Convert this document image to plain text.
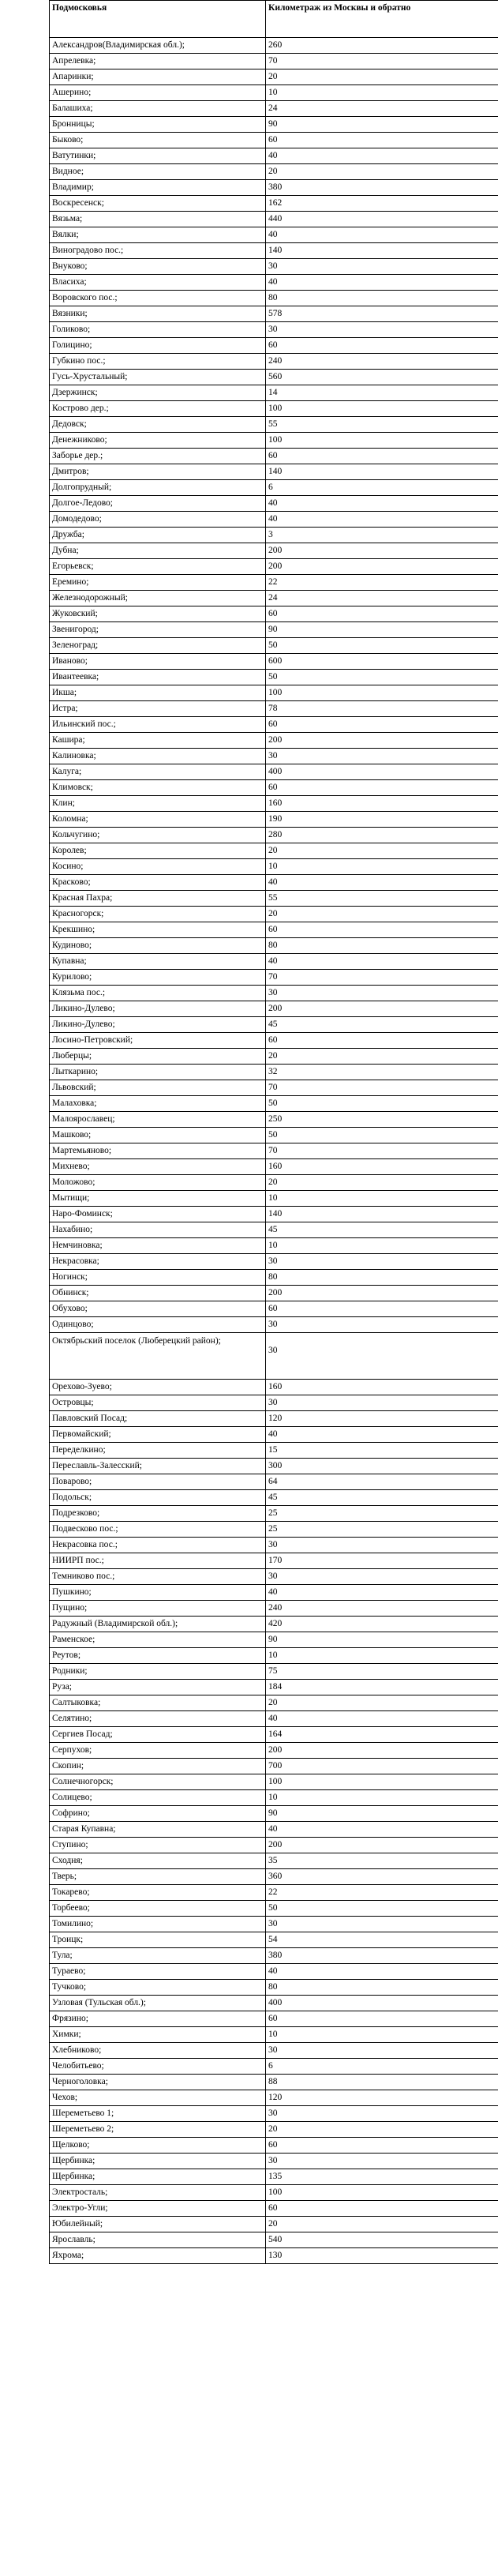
Подмосковья	Километраж из Москвы и обратно
Александров(Владимирская обл.);	260
Апрелевка;	70
Апаринки;	20
Ашерино;	10
Балашиха;	24
Бронницы;	90
Быково;	60
Ватутинки;	40
Видное;	20
Владимир;	380
Воскресенск;	162
Вязьма;	440
Вялки;	40
Виноградово пос.;	140
Внуково;	30
Власиха;	40
Воровского пос.;	80
Вязники;	578
Голиково;	30
Голицино;	60
Губкино пос.;	240
Гусь-Хрустальный;	560
Дзержинск;	14
Кострово дер.;	100
Дедовск;	55
Денежниково;	100
Заборье дер.;	60
Дмитров;	140
Долгопрудный;	6
Долгое-Ледово;	40
Домодедово;	40
Дружба;	3
Дубна;	200
Егорьевск;	200
Еремино;	22
Железнодорожный;	24
Жуковский;	60
Звенигород;	90
Зеленоград;	50
Иваново;	600
Ивантеевка;	50
Икша;	100
Истра;	78
Ильинский пос.;	60
Кашира;	200
Калиновка;	30
Калуга;	400
Климовск;	60
Клин;	160
Коломна;	190
Кольчугино;	280
Королев;	20
Косино;	10
Красково;	40
Красная Пахра;	55
Красногорск;	20
Крекшино;	60
Кудиново;	80
Купавна;	40
Курилово;	70
Клязьма пос.;	30
Ликино-Дулево;	200
Ликино-Дулево;	45
Лосино-Петровский;	60
Люберцы;	20
Лыткарино;	32
Львовский;	70
Малаховка;	50
Малоярославец;	250
Машково;	50
Мартемьяново;	70
Михнево;	160
Моложово;	20
Мытищи;	10
Наро-Фоминск;	140
Нахабино;	45
Немчиновка;	10
Некрасовка;	30
Ногинск;	80
Обнинск;	200
Обухово;	60
Одинцово;	30
Октябрьский поселок (Люберецкий район);	30
Орехово-Зуево;	160
Островцы;	30
Павловский Посад;	120
Первомайский;	40
Переделкино;	15
Переславль-Залесский;	300
Поварово;	64
Подольск;	45
Подрезково;	25
Подвесково пос.;	25
Некрасовка пос.;	30
НИИРП пос.;	170
Темниково пос.;	30
Пушкино;	40
Пущино;	240
Радужный (Владимирской обл.);	420
Раменское;	90
Реутов;	10
Родники;	75
Руза;	184
Салтыковка;	20
Селятино;	40
Сергиев Посад;	164
Серпухов;	200
Скопин;	700
Солнечногорск;	100
Солицево;	10
Софрино;	90
Старая Купавна;	40
Ступино;	200
Сходня;	35
Тверь;	360
Токарево;	22
Торбеево;	50
Томилино;	30
Троицк;	54
Тула;	380
Тураево;	40
Тучково;	80
Узловая (Тульская обл.);	400
Фрязино;	60
Химки;	10
Хлебниково;	30
Челобитьево;	6
Черноголовка;	88
Чехов;	120
Шереметьево 1;	30
Шереметьево 2;	20
Щелково;	60
Щербинка;	30
Щербинка;	135
Электросталь;	100
Электро-Угли;	60
Юбилейный;	20
Ярославль;	540
Яхрома;	130
